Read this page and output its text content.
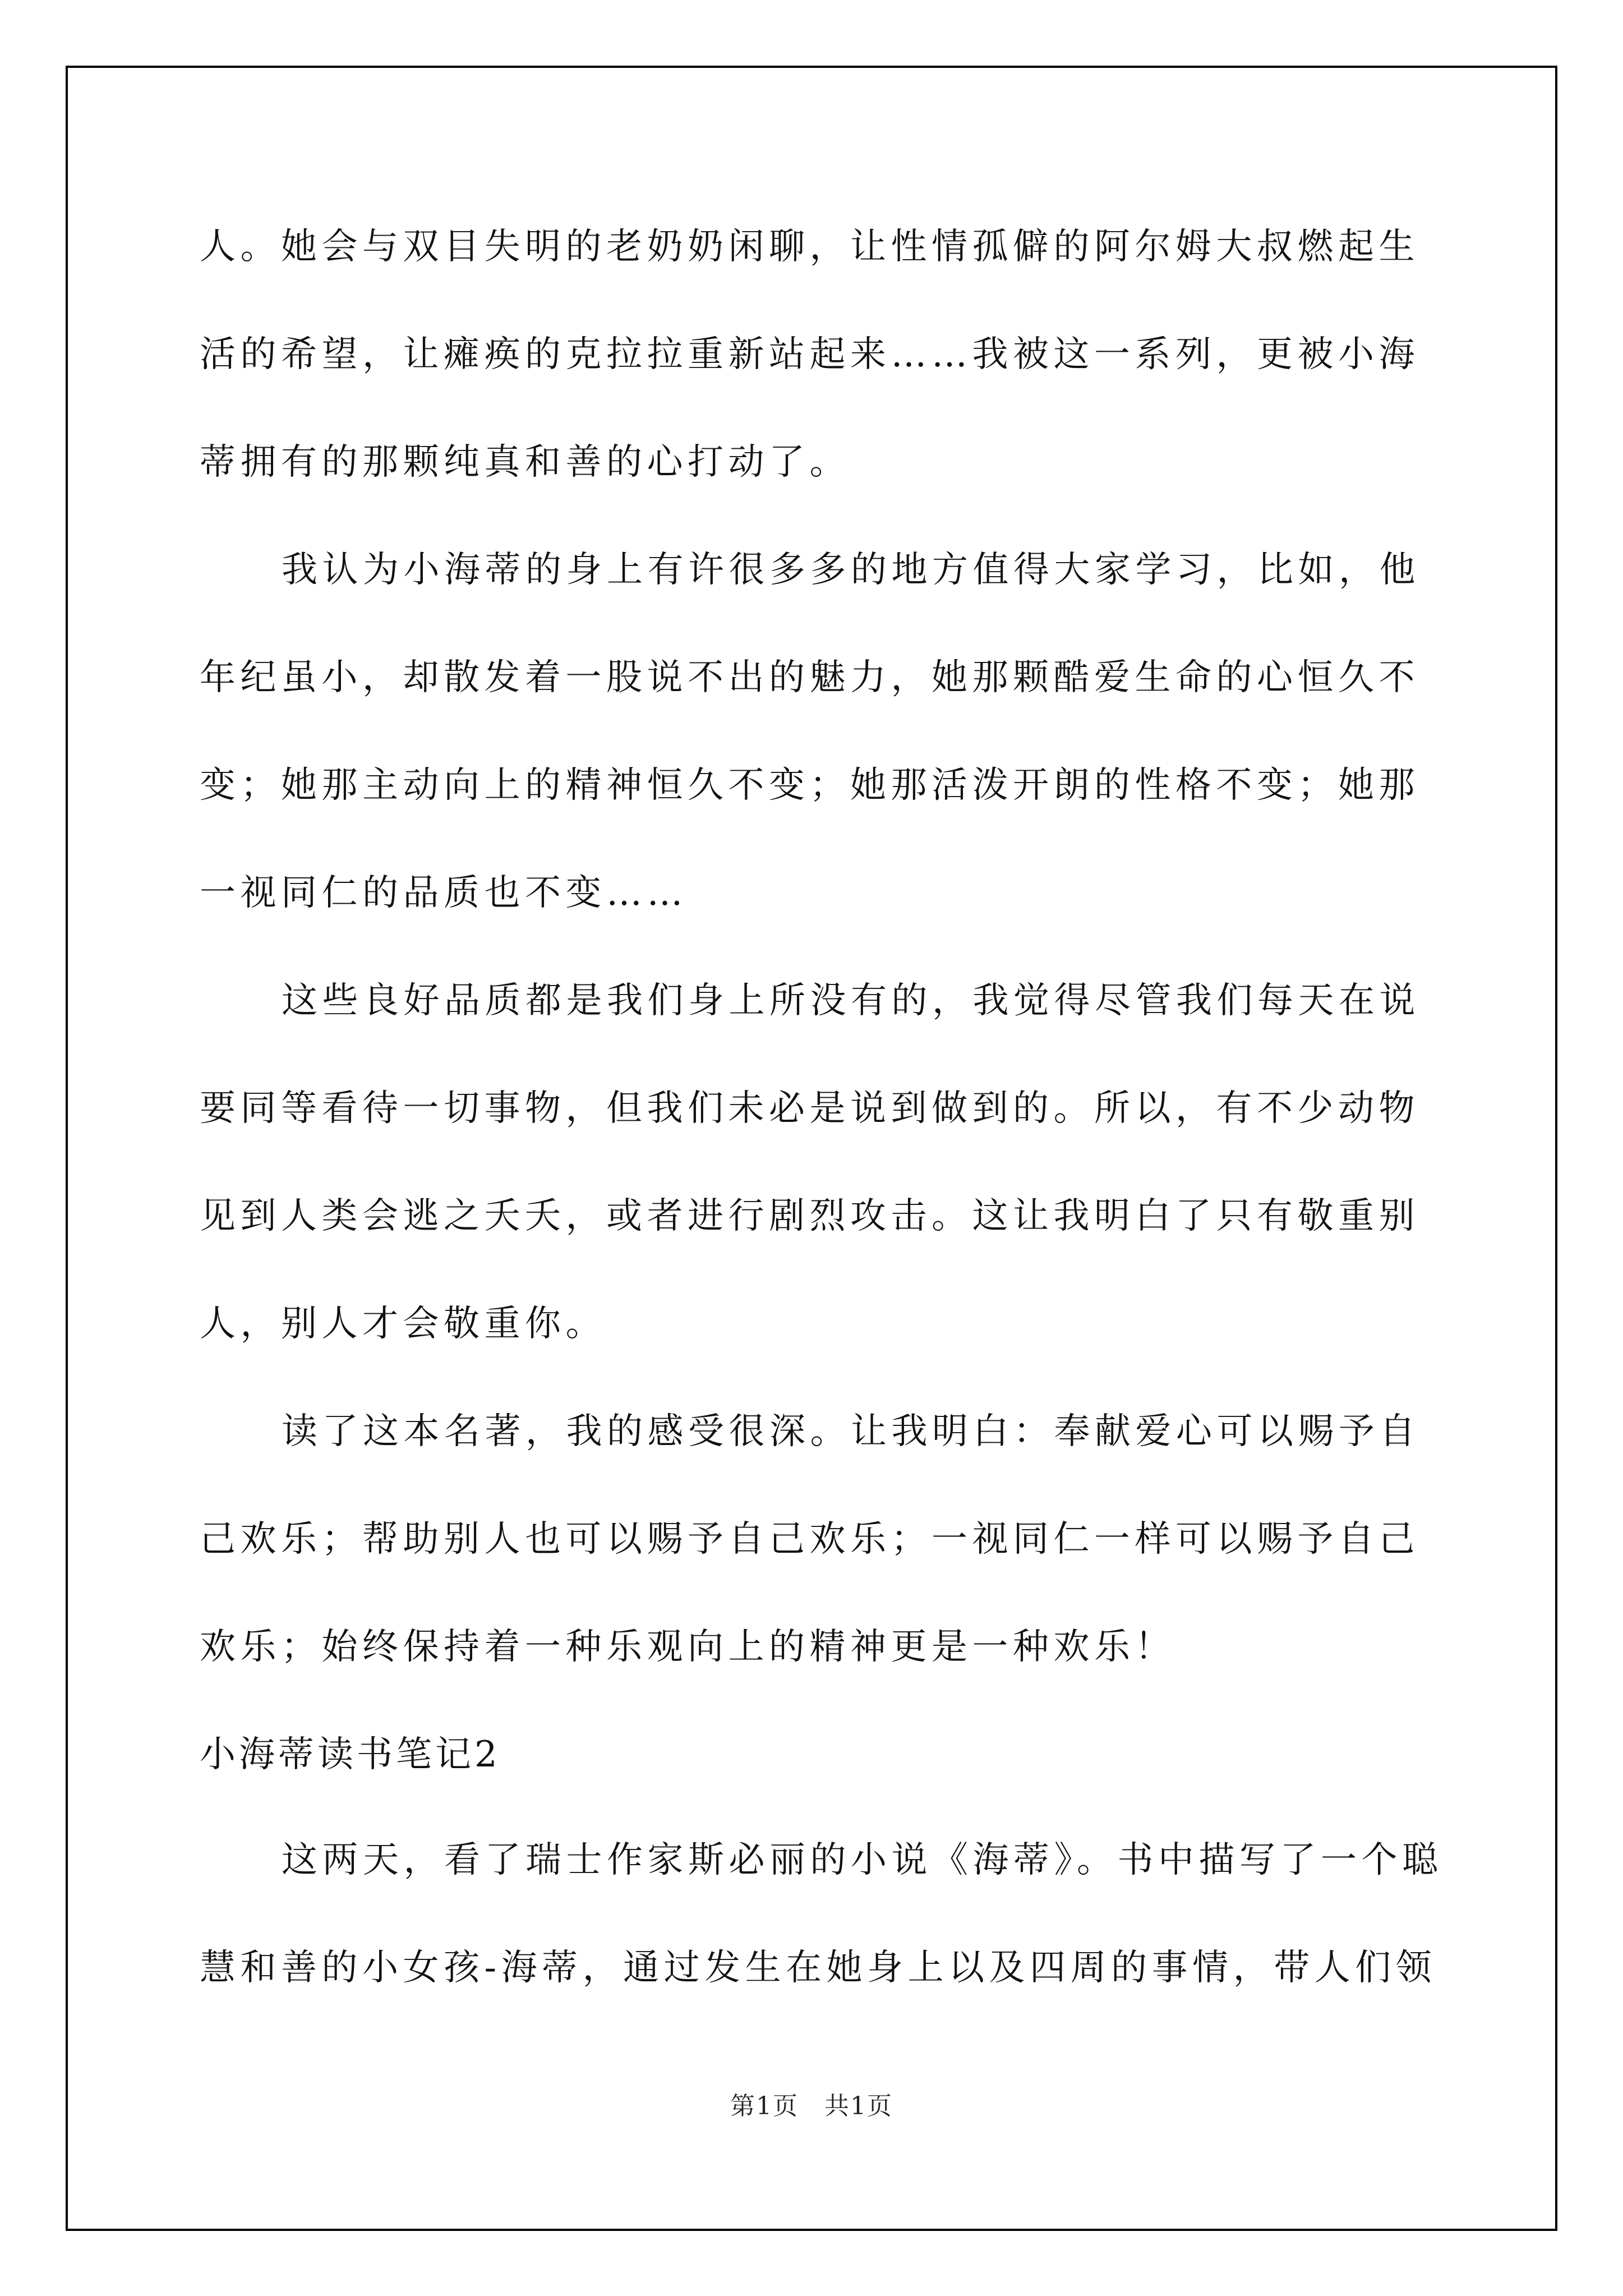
人。她会与双目失明的老奶奶闲聊，让性情孤僻的阿尔姆大叔燃起生
活的希望，让瘫痪的克拉拉重新站起来……我被这一系列，更被小海
蒂拥有的那颗纯真和善的心打动了。
我认为小海蒂的身上有许很多多的地方值得大家学习，比如，他
年纪虽小，却散发着一股说不出的魅力，她那颗酷爱生命的心恒久不
变；她那主动向上的精神恒久不变；她那活泼开朗的性格不变；她那
一视同仁的品质也不变……
这些良好品质都是我们身上所没有的，我觉得尽管我们每天在说
要同等看待一切事物，但我们未必是说到做到的。所以，有不少动物
见到人类会逃之夭夭，或者进行剧烈攻击。这让我明白了只有敬重别
人，别人才会敬重你。
读了这本名著，我的感受很深。让我明白：奉献爱心可以赐予自
己欢乐；帮助别人也可以赐予自己欢乐；一视同仁一样可以赐予自己
欢乐；始终保持着一种乐观向上的精神更是一种欢乐！
小海蒂读书笔记2
这两天，看了瑞士作家斯必丽的小说《海蒂》。书中描写了一个聪
慧和善的小女孩-海蒂，通过发生在她身上以及四周的事情，带人们领
第1页　共1页
